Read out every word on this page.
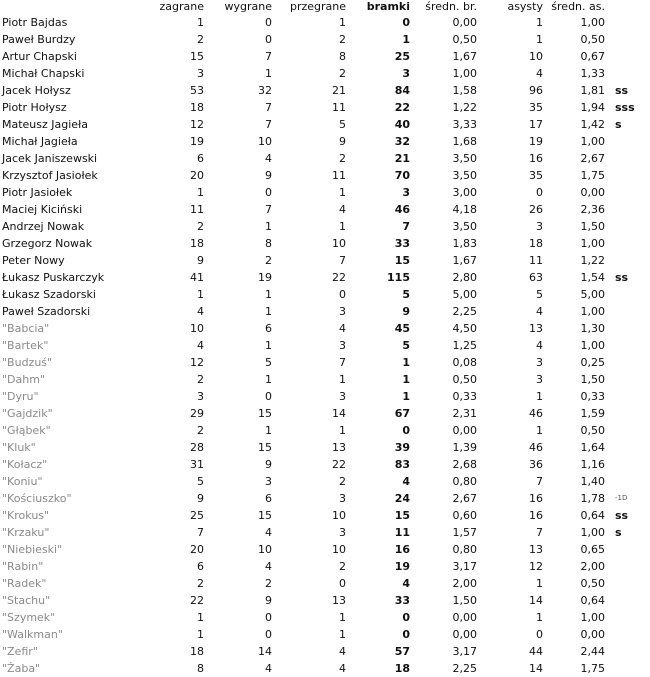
	zagrane	wygrane	przegrane	bramki	średn. br.	asysty	średn. as.	
Piotr Bajdas	1	0	1	0	0,00	1	1,00	
Paweł Burdzy	2	0	2	1	0,50	1	0,50	
Artur Chapski	15	7	8	25	1,67	10	0,67	
Michał Chapski	3	1	2	3	1,00	4	1,33	
Jacek Hołysz	53	32	21	84	1,58	96	1,81	ss
Piotr Hołysz	18	7	11	22	1,22	35	1,94	sss
Mateusz Jagieła	12	7	5	40	3,33	17	1,42	s
Michał Jagieła	19	10	9	32	1,68	19	1,00	
Jacek Janiszewski	6	4	2	21	3,50	16	2,67	
Krzysztof Jasiołek	20	9	11	70	3,50	35	1,75	
Piotr Jasiołek	1	0	1	3	3,00	0	0,00	
Maciej Kiciński	11	7	4	46	4,18	26	2,36	
Andrzej Nowak	2	1	1	7	3,50	3	1,50	
Grzegorz Nowak	18	8	10	33	1,83	18	1,00	
Peter Nowy	9	2	7	15	1,67	11	1,22	
Łukasz Puskarczyk	41	19	22	115	2,80	63	1,54	ss
Łukasz Szadorski	1	1	0	5	5,00	5	5,00	
Paweł Szadorski	4	1	3	9	2,25	4	1,00	
"Babcia"	10	6	4	45	4,50	13	1,30	
"Bartek"	4	1	3	5	1,25	4	1,00	
"Budzuś"	12	5	7	1	0,08	3	0,25	
"Dahm"	2	1	1	1	0,50	3	1,50	
"Dyru"	3	0	3	1	0,33	1	0,33	
"Gajdzik"	29	15	14	67	2,31	46	1,59	
"Głąbek"	2	1	1	0	0,00	1	0,50	
"Kluk"	28	15	13	39	1,39	46	1,64	
"Kołacz"	31	9	22	83	2,68	36	1,16	
"Koniu"	5	3	2	4	0,80	7	1,40	
"Kościuszko"	9	6	3	24	2,67	16	1,78	-1D
"Krokus"	25	15	10	15	0,60	16	0,64	ss
"Krzaku"	7	4	3	11	1,57	7	1,00	s
"Niebieski"	20	10	10	16	0,80	13	0,65	
"Rabin"	6	4	2	19	3,17	12	2,00	
"Radek"	2	2	0	4	2,00	1	0,50	
"Stachu"	22	9	13	33	1,50	14	0,64	
"Szymek"	1	0	1	0	0,00	1	1,00	
"Walkman"	1	0	1	0	0,00	0	0,00	
"Zefir"	18	14	4	57	3,17	44	2,44	
"Żaba"	8	4	4	18	2,25	14	1,75	
